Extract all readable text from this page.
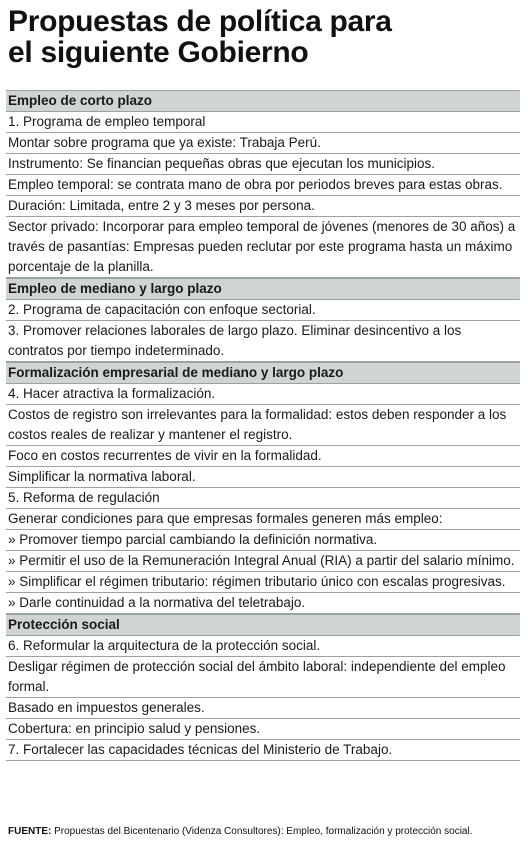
Propuestas de política para
el siguiente Gobierno
Empleo de corto plazo
1. Programa de empleo temporal
Montar sobre programa que ya existe: Trabaja Perú.
Instrumento: Se financian pequeñas obras que ejecutan los municipios.
Empleo temporal: se contrata mano de obra por periodos breves para estas obras.
Duración: Limitada, entre 2 y 3 meses por persona.
Sector privado: Incorporar para empleo temporal de jóvenes (menores de 30 años) a través de pasantías: Empresas pueden reclutar por este programa hasta un máximo porcentaje de la planilla.
Empleo de mediano y largo plazo
2. Programa de capacitación con enfoque sectorial.
3. Promover relaciones laborales de largo plazo. Eliminar desincentivo a los contratos por tiempo indeterminado.
Formalización empresarial de mediano y largo plazo
4. Hacer atractiva la formalización.
Costos de registro son irrelevantes para la formalidad: estos deben responder a los costos reales de realizar y mantener el registro.
Foco en costos recurrentes de vivir en la formalidad.
Simplificar la normativa laboral.
5. Reforma de regulación
Generar condiciones para que empresas formales generen más empleo:
» Promover tiempo parcial cambiando la definición normativa.
» Permitir el uso de la Remuneración Integral Anual (RIA) a partir del salario mínimo.
» Simplificar el régimen tributario: régimen tributario único con escalas progresivas.
» Darle continuidad a la normativa del teletrabajo.
Protección social
6. Reformular la arquitectura de la protección social.
Desligar régimen de protección social del ámbito laboral: independiente del empleo formal.
Basado en impuestos generales.
Cobertura: en principio salud y pensiones.
7. Fortalecer las capacidades técnicas del Ministerio de Trabajo.
FUENTE: Propuestas del Bicentenario (Videnza Consultores): Empleo, formalización y protección social.
